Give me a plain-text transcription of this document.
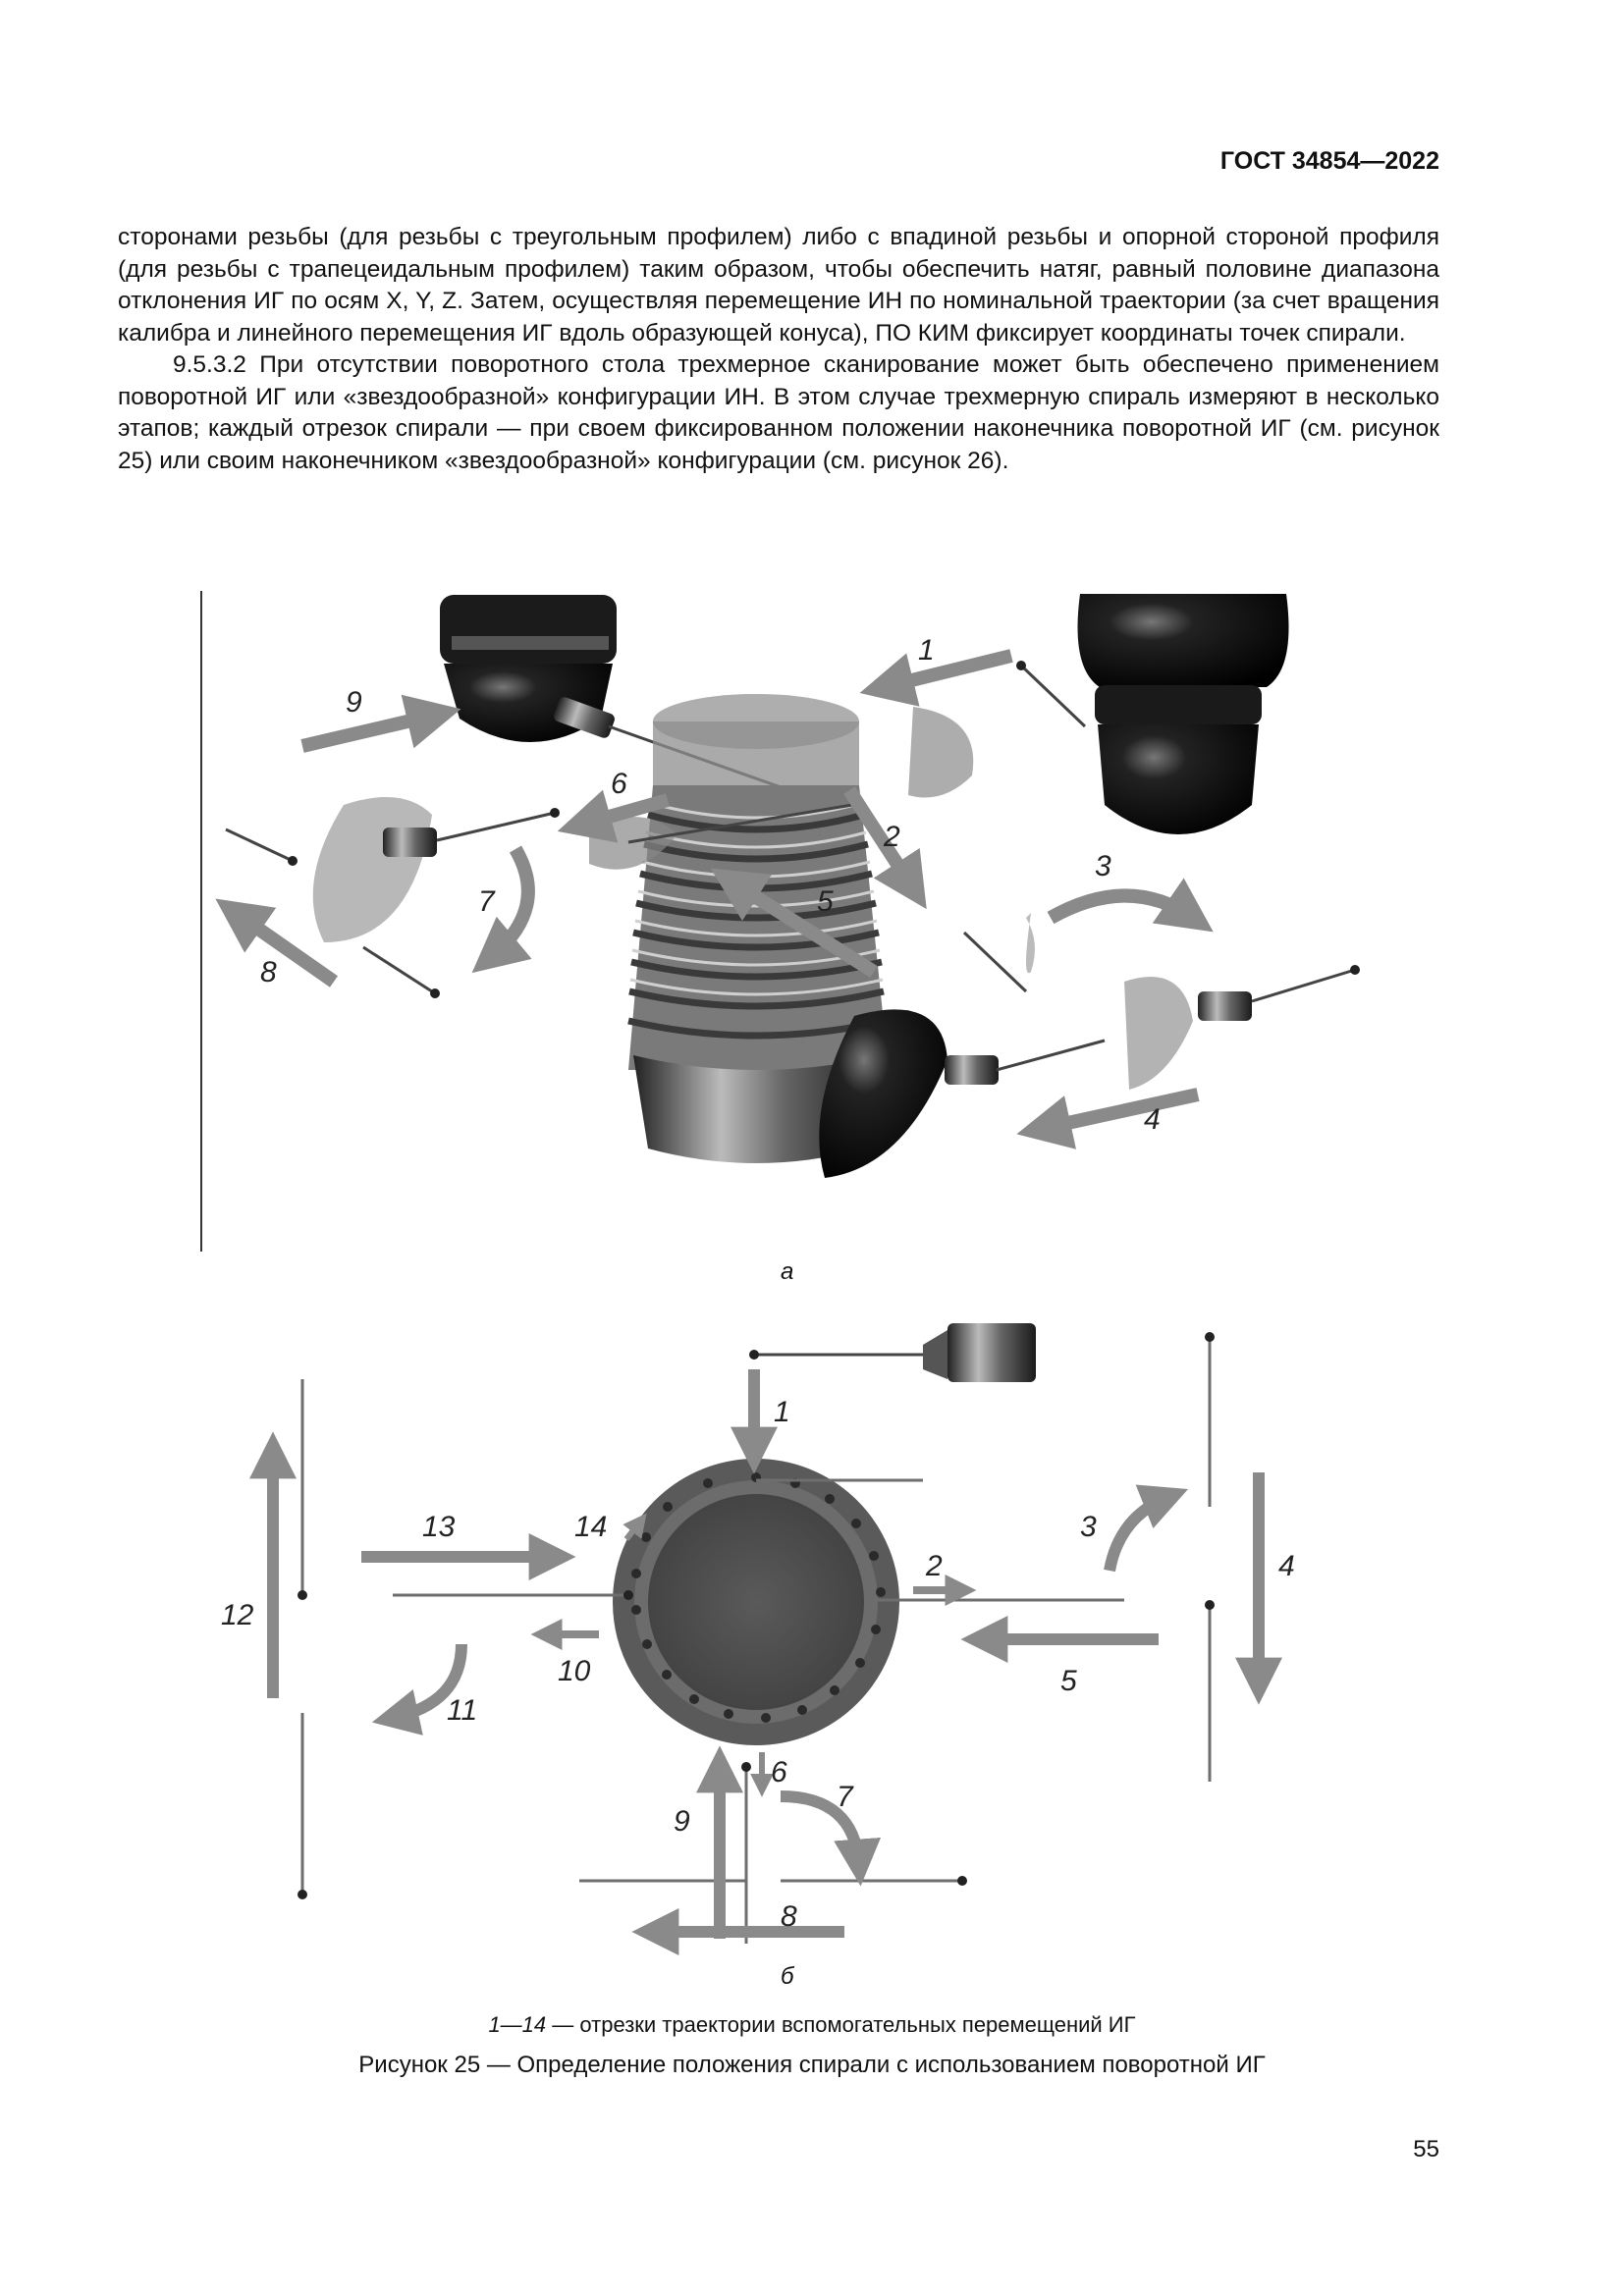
ГОСТ 34854—2022

сторонами резьбы (для резьбы с треугольным профилем) либо с впадиной резьбы и опорной стороной профиля (для резьбы с трапецеидальным профилем) таким образом, чтобы обеспечить натяг, равный половине диапазона отклонения ИГ по осям X, Y, Z. Затем, осуществляя перемещение ИН по номинальной траектории (за счет вращения калибра и линейного перемещения ИГ вдоль образующей конуса), ПО КИМ фиксирует координаты точек спирали.

9.5.3.2 При отсутствии поворотного стола трехмерное сканирование может быть обеспечено применением поворотной ИГ или «звездообразной» конфигурации ИН. В этом случае трехмерную спираль измеряют в несколько этапов; каждый отрезок спирали — при своем фиксированном положении наконечника поворотной ИГ (см. рисунок 25) или своим наконечником «звездообразной» конфигурации (см. рисунок 26).

1
2
3
4
5
6
7
8
9
1
2
3
4
5
6
7
8
9
10
11
12
13	14
а
б
1—14 — отрезки траектории вспомогательных перемещений ИГ
Рисунок 25 — Определение положения спирали с использованием поворотной ИГ
55
